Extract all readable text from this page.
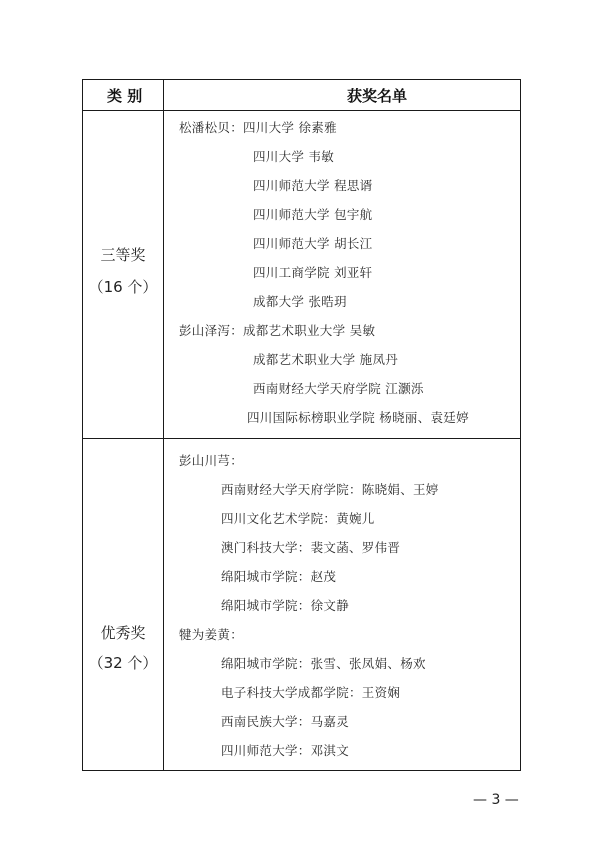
类 别	获奖名单
三等奖
（16 个）
松潘松贝：四川大学 徐素雅
四川大学 韦敏
四川师范大学 程思谞
四川师范大学 包宇航
四川师范大学 胡长江
四川工商学院 刘亚轩
成都大学 张晧玥
彭山泽泻：成都艺术职业大学 吴敏
成都艺术职业大学 施凤丹
西南财经大学天府学院 江灏泺
四川国际标榜职业学院 杨晓丽、袁廷婷
优秀奖
（32 个）
彭山川芎：
西南财经大学天府学院：陈晓娟、王婷
四川文化艺术学院：黄婉儿
澳门科技大学：裴文菡、罗伟晋
绵阳城市学院：赵茂
绵阳城市学院：徐文静
犍为姜黄：
绵阳城市学院：张雪、张凤娟、杨欢
电子科技大学成都学院：王资娴
西南民族大学：马嘉灵
四川师范大学：邓淇文
— 3 —
